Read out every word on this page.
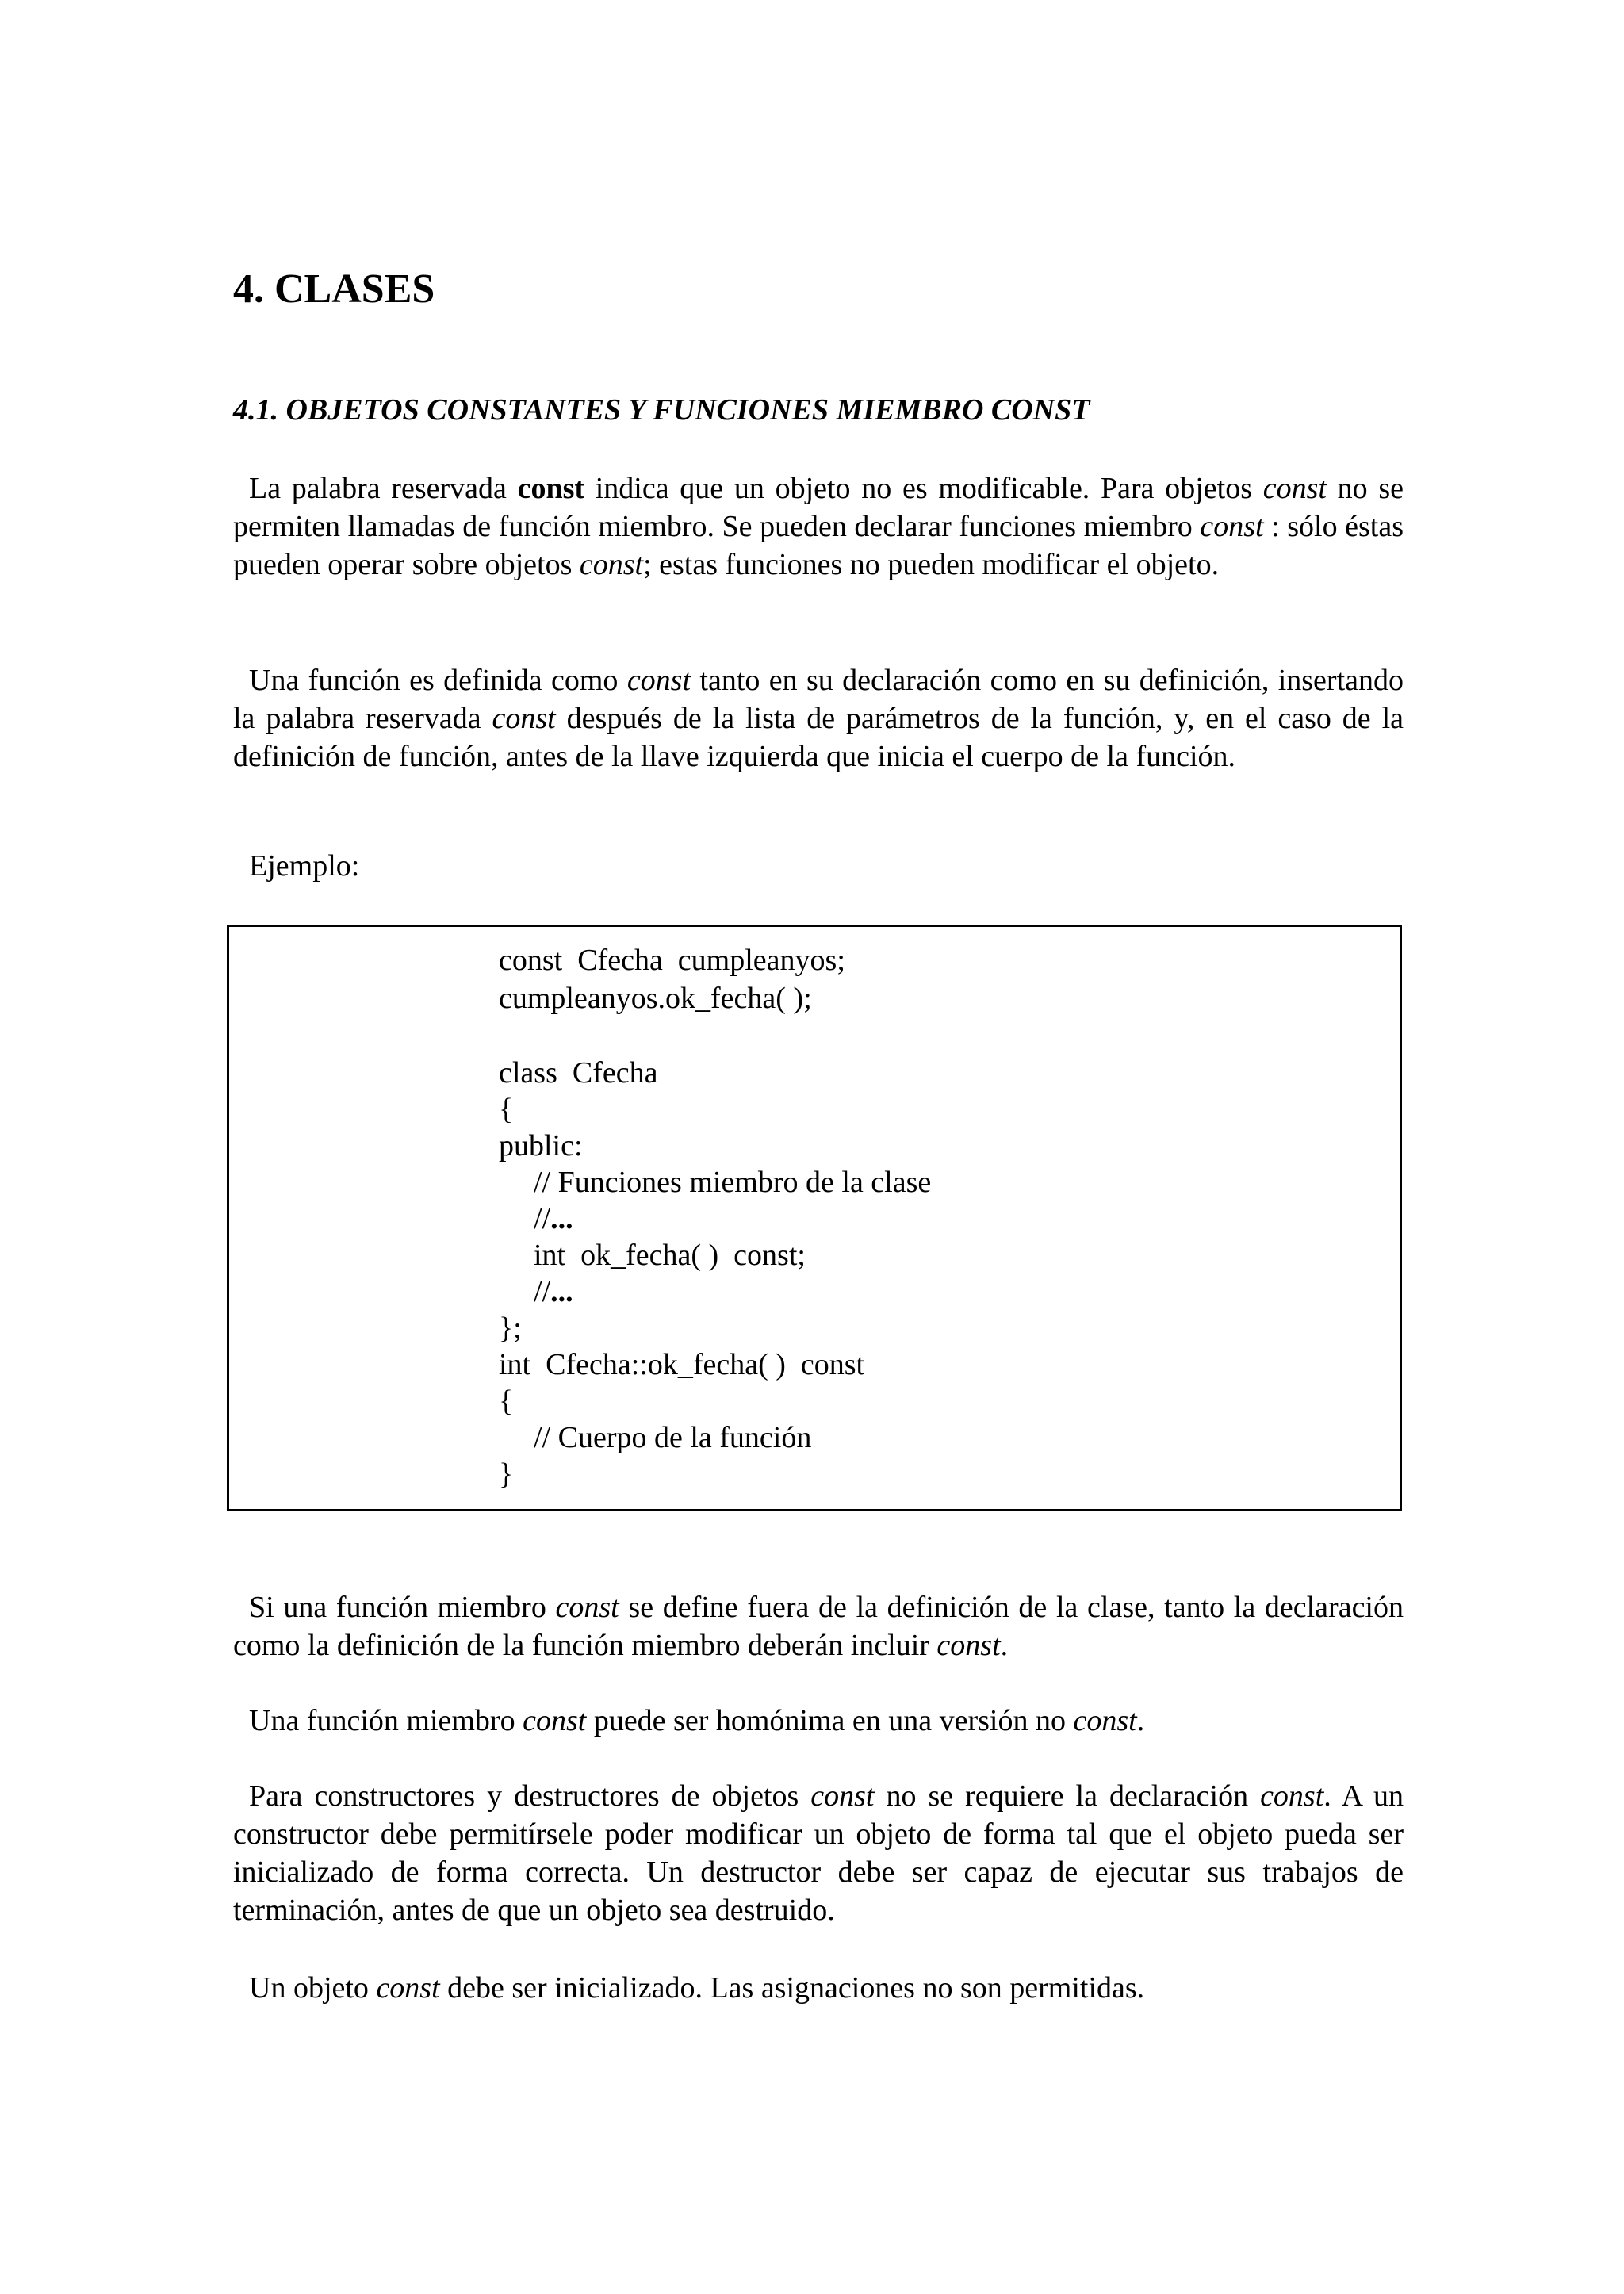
4. CLASES
4.1. OBJETOS CONSTANTES Y FUNCIONES MIEMBRO CONST

La palabra reservada const indica que un objeto no es modificable. Para objetos const no se permiten llamadas de función miembro. Se pueden declarar funciones miembro const : sólo éstas pueden operar sobre objetos const; estas funciones no pueden modificar el objeto.

Una función es definida como const tanto en su declaración como en su definición, insertando la palabra reservada const después de la lista de parámetros de la función, y, en el caso de la definición de función, antes de la llave izquierda que inicia el cuerpo de la función.

Ejemplo:

const  Cfecha  cumpleanyos;

cumpleanyos.ok_fecha( );

class  Cfecha

{

public:

// Funciones miembro de la clase

//...

int  ok_fecha( )  const;

//...

};

int  Cfecha::ok_fecha( )  const

{

// Cuerpo de la función

}

Si una función miembro const se define fuera de la definición de la clase, tanto la declaración como la definición de la función miembro deberán incluir const.

Una función miembro const puede ser homónima en una versión no const.

Para constructores y destructores de objetos const no se requiere la declaración const. A un constructor debe permitírsele poder modificar un objeto de forma tal que el objeto pueda ser inicializado de forma correcta. Un destructor debe ser capaz de ejecutar sus trabajos de terminación, antes de que un objeto sea destruido.

Un objeto const debe ser inicializado. Las asignaciones no son permitidas.
